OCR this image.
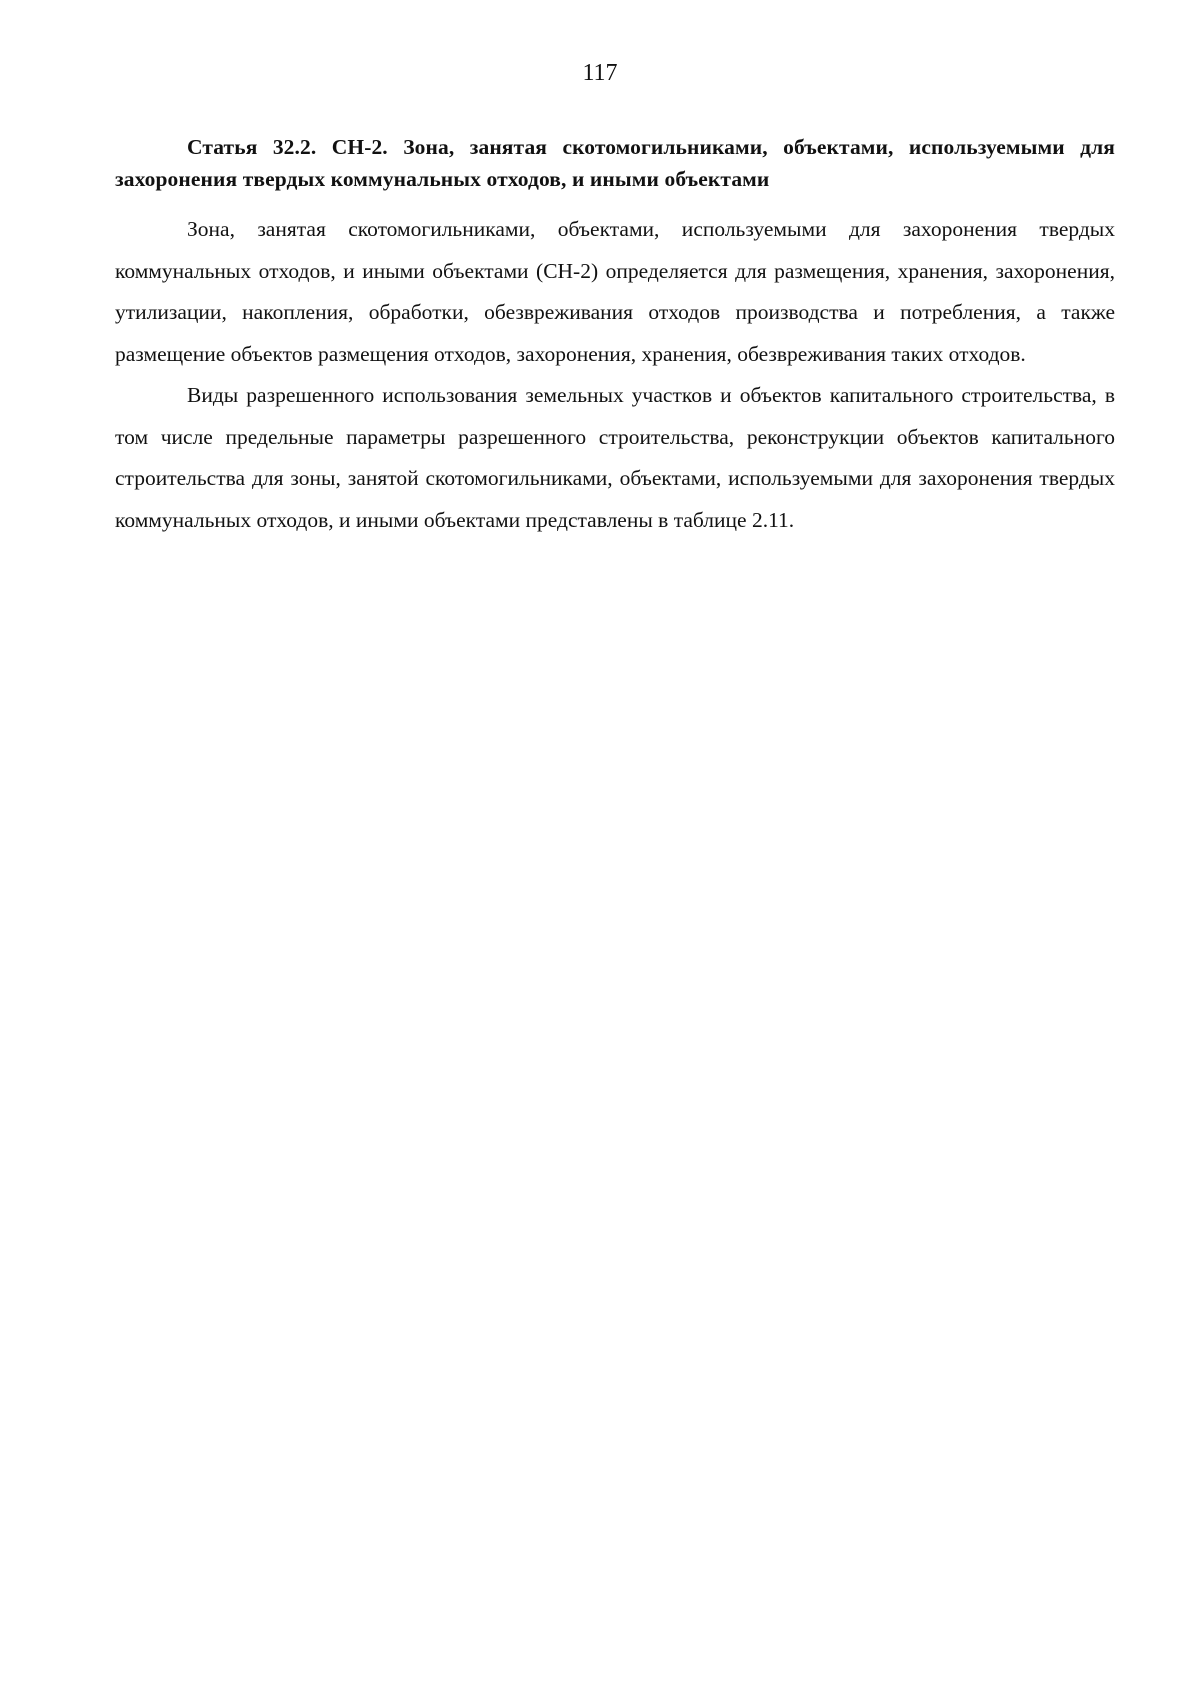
117
Статья 32.2. СН-2. Зона, занятая скотомогильниками, объектами, используемыми для захоронения твердых коммунальных отходов, и иными объектами

Зона, занятая скотомогильниками, объектами, используемыми для захоронения твердых коммунальных отходов, и иными объектами (СН-2) определяется для размещения, хранения, захоронения, утилизации, накопления, обработки, обезвреживания отходов производства и потребления, а также размещение объектов размещения отходов, захоронения, хранения, обезвреживания таких отходов.

Виды разрешенного использования земельных участков и объектов капитального строительства, в том числе предельные параметры разрешенного строительства, реконструкции объектов капитального строительства для зоны, занятой скотомогильниками, объектами, используемыми для захоронения твердых коммунальных отходов, и иными объектами представлены в таблице 2.11.
